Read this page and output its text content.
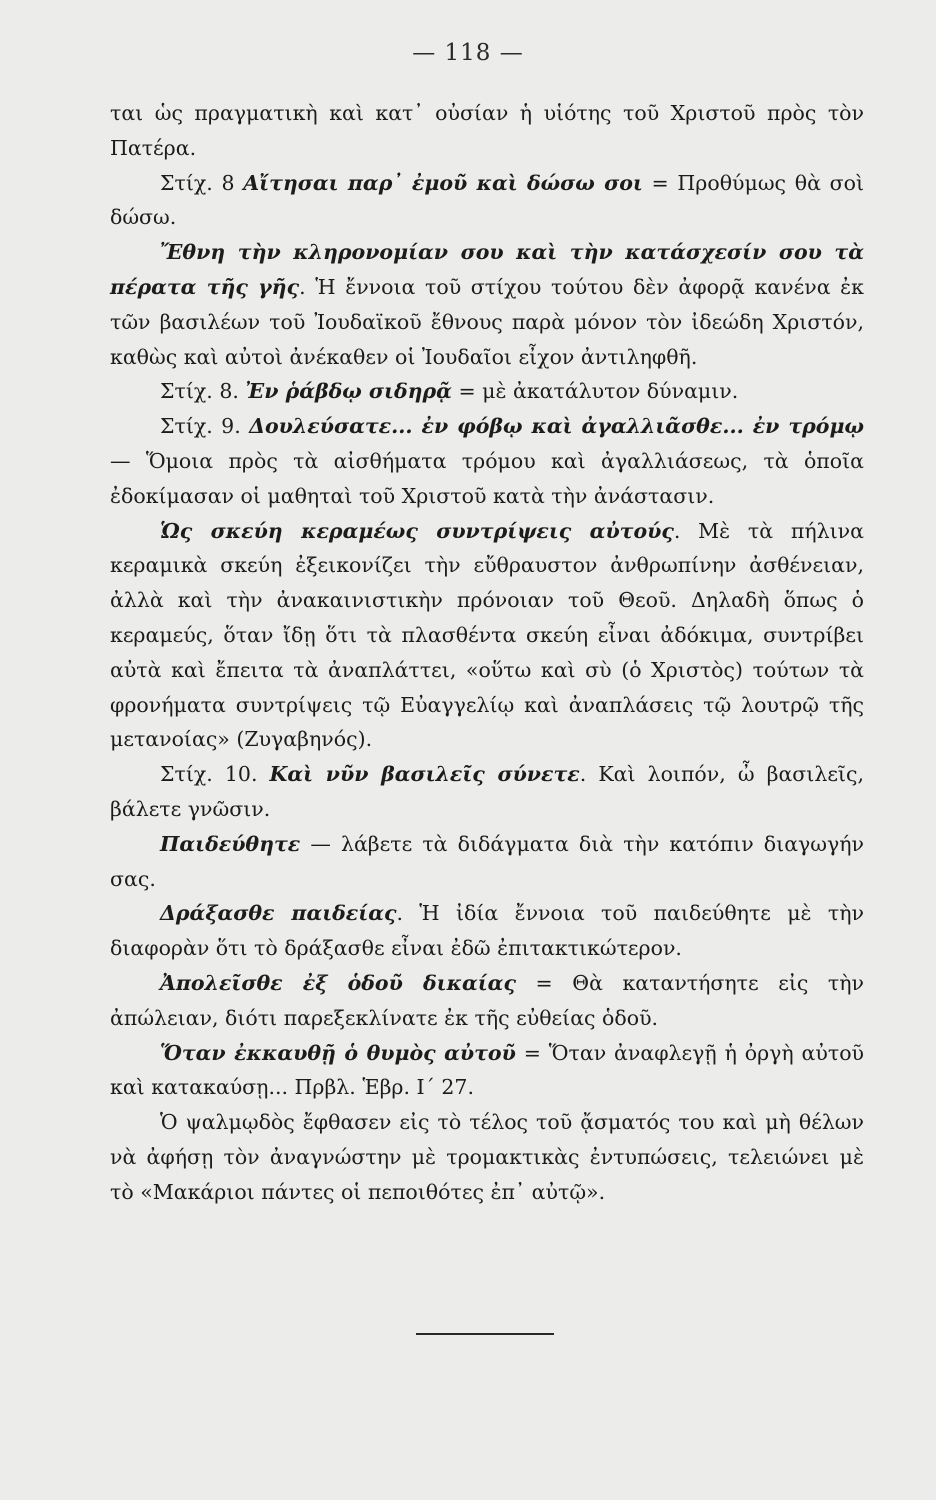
— 118 —

ται ὡς πραγματικὴ καὶ κατ᾽ οὐσίαν ἡ υἱότης τοῦ Χριστοῦ πρὸς τὸν Πατέρα.

Στίχ. 8 Αἴτησαι παρ᾽ ἐμοῦ καὶ δώσω σοι = Προθύμως θὰ σοὶ δώσω.

Ἔθνη τὴν κληρονομίαν σου καὶ τὴν κατάσχεσίν σου τὰ πέρατα τῆς γῆς. Ἡ ἔννοια τοῦ στίχου τούτου δὲν ἀφορᾷ κανένα ἐκ τῶν βασιλέων τοῦ Ἰουδαϊκοῦ ἔθνους παρὰ μόνον τὸν ἰδεώδη Χριστόν, καθὼς καὶ αὐτοὶ ἀνέκαθεν οἱ Ἰουδαῖοι εἶχον ἀντιληφθῆ.

Στίχ. 8. Ἐν ῥάβδῳ σιδηρᾷ = μὲ ἀκατάλυτον δύναμιν.

Στίχ. 9. Δουλεύσατε... ἐν φόβῳ καὶ ἀγαλλιᾶσθε... ἐν τρόμῳ — Ὅμοια πρὸς τὰ αἰσθήματα τρόμου καὶ ἀγαλλιάσεως, τὰ ὁποῖα ἐδοκίμασαν οἱ μαθηταὶ τοῦ Χριστοῦ κατὰ τὴν ἀνάστασιν.

Ὡς σκεύη κεραμέως συντρίψεις αὐτούς. Μὲ τὰ πήλινα κεραμικὰ σκεύη ἐξεικονίζει τὴν εὔθραυστον ἀνθρωπίνην ἀσθένειαν, ἀλλὰ καὶ τὴν ἀνακαινιστικὴν πρόνοιαν τοῦ Θεοῦ. Δηλαδὴ ὅπως ὁ κεραμεύς, ὅταν ἴδῃ ὅτι τὰ πλασθέντα σκεύη εἶναι ἀδόκιμα, συντρίβει αὐτὰ καὶ ἔπειτα τὰ ἀναπλάττει, «οὕτω καὶ σὺ (ὁ Χριστὸς) τούτων τὰ φρονήματα συντρίψεις τῷ Εὐαγγελίῳ καὶ ἀναπλάσεις τῷ λουτρῷ τῆς μετανοίας» (Ζυγαβηνός).

Στίχ. 10. Καὶ νῦν βασιλεῖς σύνετε. Καὶ λοιπόν, ὦ βασιλεῖς, βάλετε γνῶσιν.

Παιδεύθητε — λάβετε τὰ διδάγματα διὰ τὴν κατόπιν διαγωγήν σας.

Δράξασθε παιδείας. Ἡ ἰδία ἔννοια τοῦ παιδεύθητε μὲ τὴν διαφορὰν ὅτι τὸ δράξασθε εἶναι ἐδῶ ἐπιτακτικώτερον.

Ἀπολεῖσθε ἐξ ὁδοῦ δικαίας = Θὰ καταντήσητε εἰς τὴν ἀπώλειαν, διότι παρεξεκλίνατε ἐκ τῆς εὐθείας ὁδοῦ.

Ὅταν ἐκκαυθῇ ὁ θυμὸς αὐτοῦ = Ὅταν ἀναφλεγῇ ἡ ὀργὴ αὐτοῦ καὶ κατακαύσῃ... Πρβλ. Ἑβρ. Ι´ 27.

Ὁ ψαλμῳδὸς ἔφθασεν εἰς τὸ τέλος τοῦ ᾄσματός του καὶ μὴ θέλων νὰ ἀφήσῃ τὸν ἀναγνώστην μὲ τρομακτικὰς ἐντυπώσεις, τελειώνει μὲ τὸ «Μακάριοι πάντες οἱ πεποιθότες ἐπ᾽ αὐτῷ».
